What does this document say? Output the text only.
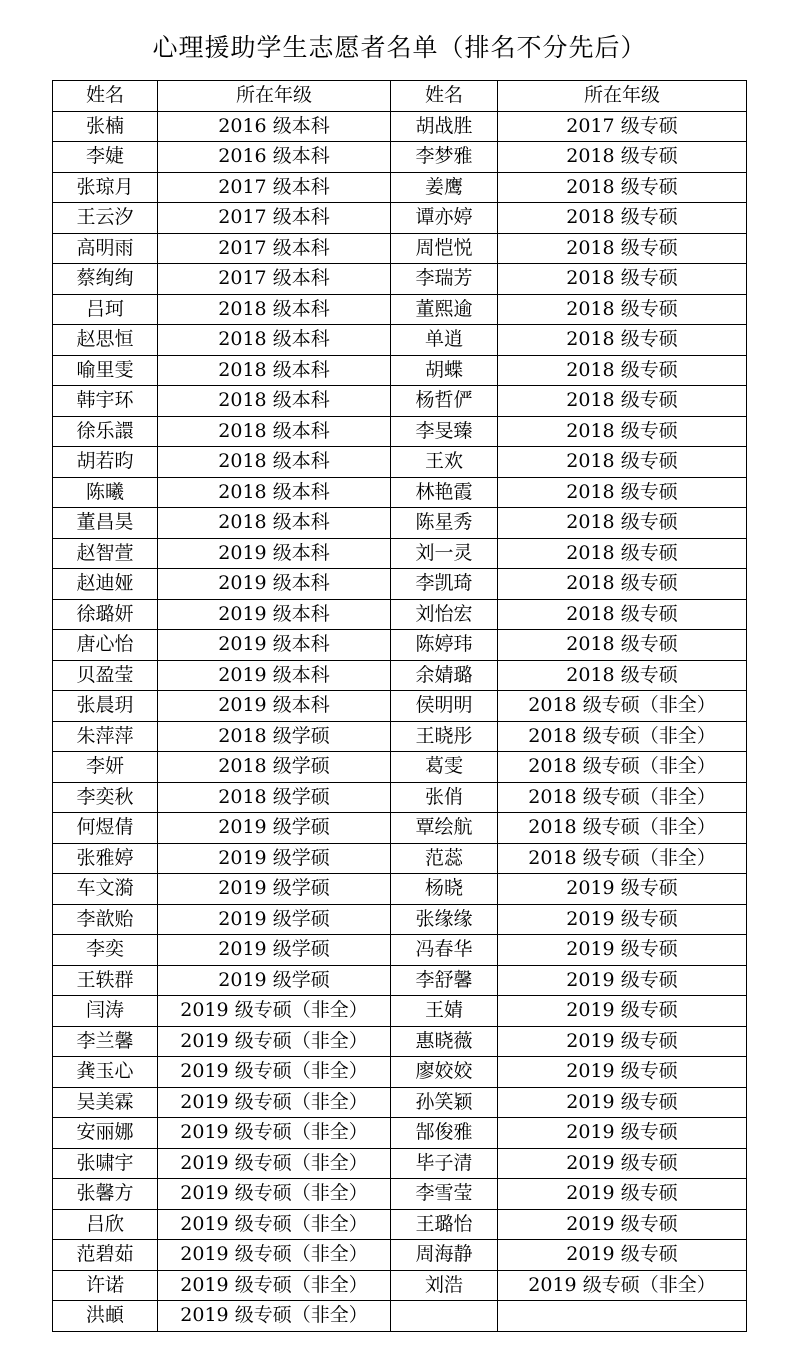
心理援助学生志愿者名单（排名不分先后）
姓名	所在年级	姓名	所在年级
张楠	2016 级本科	胡战胜	2017 级专硕
李婕	2016 级本科	李梦雅	2018 级专硕
张琼月	2017 级本科	姜鹰	2018 级专硕
王云汐	2017 级本科	谭亦婷	2018 级专硕
高明雨	2017 级本科	周恺悦	2018 级专硕
蔡绚绚	2017 级本科	李瑞芳	2018 级专硕
吕珂	2018 级本科	董熙逾	2018 级专硕
赵思恒	2018 级本科	单逍	2018 级专硕
喻里雯	2018 级本科	胡蝶	2018 级专硕
韩宇环	2018 级本科	杨哲俨	2018 级专硕
徐乐譞	2018 级本科	李旻臻	2018 级专硕
胡若昀	2018 级本科	王欢	2018 级专硕
陈曦	2018 级本科	林艳霞	2018 级专硕
董昌昊	2018 级本科	陈星秀	2018 级专硕
赵智萱	2019 级本科	刘一灵	2018 级专硕
赵迪娅	2019 级本科	李凯琦	2018 级专硕
徐璐妍	2019 级本科	刘怡宏	2018 级专硕
唐心怡	2019 级本科	陈婷玮	2018 级专硕
贝盈莹	2019 级本科	余婧璐	2018 级专硕
张晨玥	2019 级本科	侯明明	2018 级专硕（非全）
朱萍萍	2018 级学硕	王晓彤	2018 级专硕（非全）
李妍	2018 级学硕	葛雯	2018 级专硕（非全）
李奕秋	2018 级学硕	张俏	2018 级专硕（非全）
何煜倩	2019 级学硕	覃绘航	2018 级专硕（非全）
张雅婷	2019 级学硕	范蕊	2018 级专硕（非全）
车文漪	2019 级学硕	杨晓	2019 级专硕
李歆贻	2019 级学硕	张缘缘	2019 级专硕
李奕	2019 级学硕	冯春华	2019 级专硕
王轶群	2019 级学硕	李舒馨	2019 级专硕
闫涛	2019 级专硕（非全）	王婧	2019 级专硕
李兰馨	2019 级专硕（非全）	惠晓薇	2019 级专硕
龚玉心	2019 级专硕（非全）	廖姣姣	2019 级专硕
吴美霖	2019 级专硕（非全）	孙笑颖	2019 级专硕
安丽娜	2019 级专硕（非全）	郜俊雅	2019 级专硕
张啸宇	2019 级专硕（非全）	毕子清	2019 级专硕
张馨方	2019 级专硕（非全）	李雪莹	2019 级专硕
吕欣	2019 级专硕（非全）	王璐怡	2019 级专硕
范碧茹	2019 级专硕（非全）	周海静	2019 级专硕
许诺	2019 级专硕（非全）	刘浩	2019 级专硕（非全）
洪頔	2019 级专硕（非全）		
